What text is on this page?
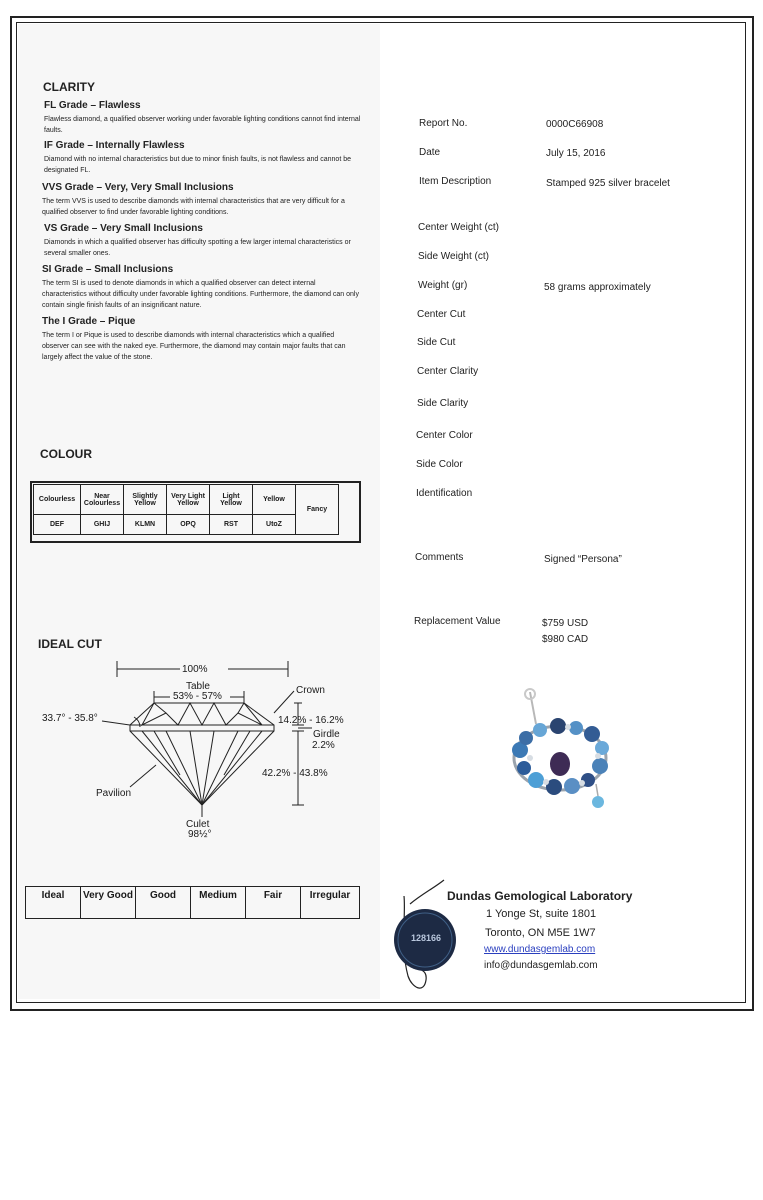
CLARITY
FL Grade – Flawless
Flawless diamond, a qualified observer working under favorable lighting conditions cannot find internal faults.
IF Grade – Internally Flawless
Diamond with no internal characteristics but due to minor finish faults, is not flawless and cannot be designated FL.
VVS Grade – Very, Very Small Inclusions
The term VVS is used to describe diamonds with internal characteristics that are very difficult for a qualified observer to find under favorable lighting conditions.
VS Grade – Very Small Inclusions
Diamonds in which a qualified observer has difficulty spotting a few larger internal characteristics or several smaller ones.
SI Grade – Small Inclusions
The term SI is used to denote diamonds in which a qualified observer can detect internal characteristics without difficulty under favorable lighting conditions. Furthermore, the diamond can only contain single finish faults of an insignificant nature.
The I Grade – Pique
The term I or Pique is used to describe diamonds with internal characteristics which a qualified observer can see with the naked eye. Furthermore, the diamond may contain major faults that can largely affect the value of the stone.
COLOUR
Colourless	Near Colourless	Slightly Yellow	Very Light Yellow	Light Yellow	Yellow	Fancy
DEF	GHIJ	KLMN	OPQ	RST	UtoZ	
IDEAL CUT
100%
Table
53% - 57%
Crown
33.7° - 35.8°	14.2% - 16.2%
Girdle
2.2%
42.2% - 43.8%
Pavilion
Culet
98½°
Ideal	Very Good	Good	Medium	Fair	Irregular
Report No.	0000C66908
Date	July 15, 2016
Item Description	Stamped 925 silver bracelet
Center Weight (ct)
Side Weight (ct)
Weight (gr)	58 grams approximately
Center Cut
Side Cut
Center Clarity
Side Clarity
Center Color
Side Color
Identification
Comments	Signed “Persona”
Replacement Value	$759 USD
$980 CAD
Dundas Gemological Laboratory
1 Yonge St, suite 1801
Toronto, ON M5E 1W7
www.dundasgemlab.com
info@dundasgemlab.com
128166
